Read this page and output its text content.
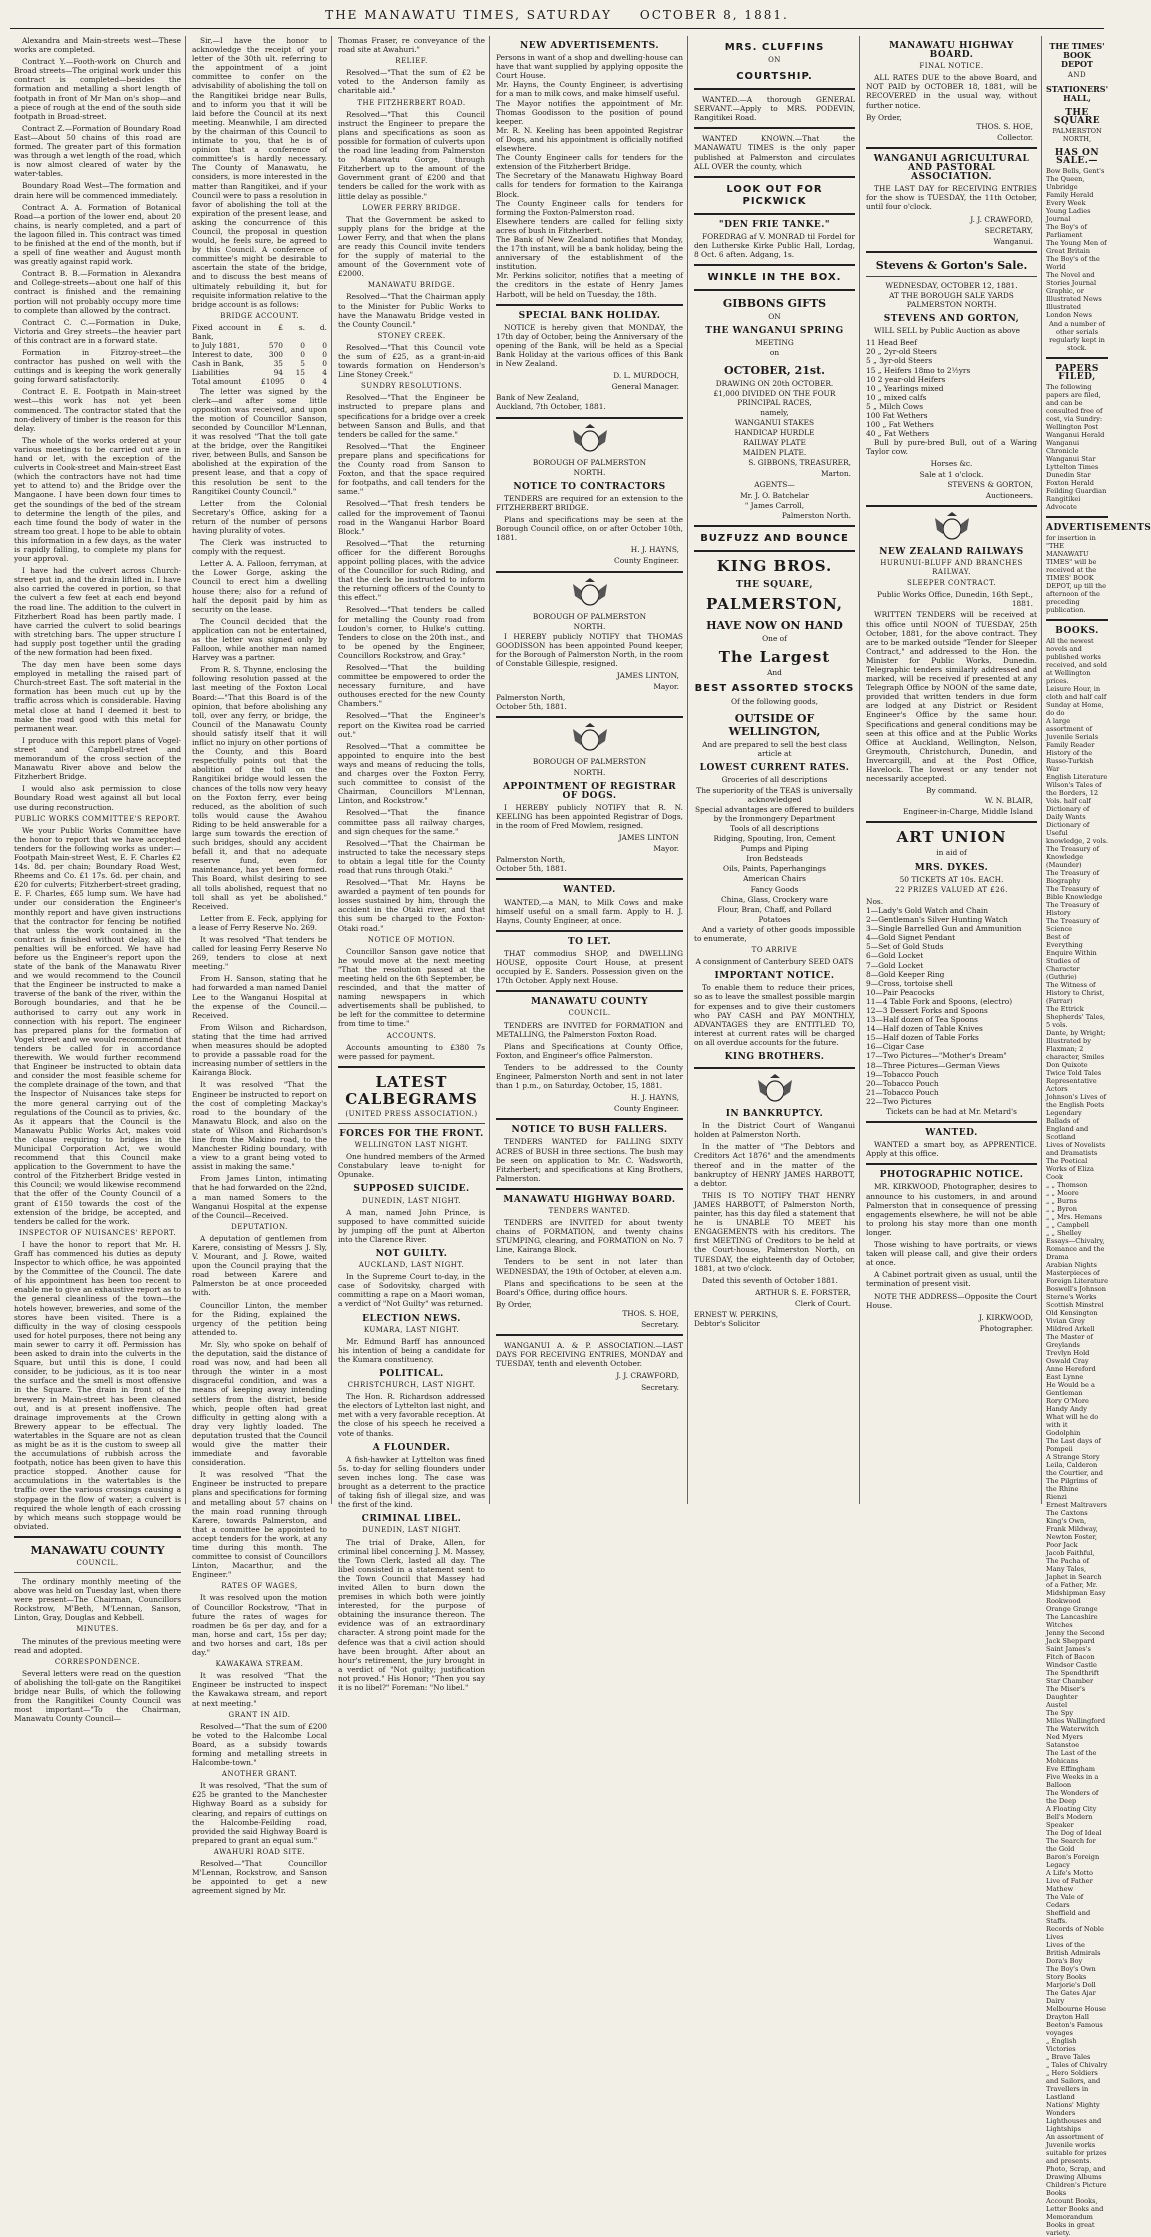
THE MANAWATU TIMES, SATURDAY OCTOBER 8, 1881.

Alexandra and Main-streets west—These works are completed.

Contract Y.—Footh-work on Church and Broad streets—The original work under this contract is completed—besides the formation and metalling a short length of footpath in front of Mr Man on's shop—and a piece of rough at the end of the south side footpath in Broad-street.

Contract Z.—Formation of Boundary Road East—About 50 chains of this road are formed. The greater part of this formation was through a wet length of the road, which is now almost cleared of water by the water-tables.

Boundary Road West—The formation and drain here will be commenced immediately.

Contract A. A. Formation of Botanical Road—a portion of the lower end, about 20 chains, is nearly completed, and a part of the lagoon filled in. This contract was timed to be finished at the end of the month, but if a spell of fine weather and August month was greatly against rapid work.

Contract B. B.—Formation in Alexandra and College-streets—about one half of this contract is finished and the remaining portion will not probably occupy more time to complete than allowed by the contract.

Contract C. C.—Formation in Duke, Victoria and Grey streets—the heavier part of this contract are in a forward state.

Formation in Fitzroy-street—the contractor has pushed on well with the cuttings and is keeping the work generally going forward satisfactorily.

Contract E. E. Footpath in Main-street west—this work has not yet been commenced. The contractor stated that the non-delivery of timber is the reason for this delay.

The whole of the works ordered at your various meetings to be carried out are in hand or let, with the exception of the culverts in Cook-street and Main-street East (which the contractors have not had time yet to attend to) and the Bridge over the Mangaone. I have been down four times to get the soundings of the bed of the stream to determine the length of the piles, and each time found the body of water in the stream too great. I hope to be able to obtain this information in a few days, as the water is rapidly falling, to complete my plans for your approval.

I have had the culvert across Church-street put in, and the drain lifted in. I have also carried the covered in portion, so that the culvert a few feet at each end beyond the road line. The addition to the culvert in Fitzherbert Road has been partly made. I have carried the culvert to solid bearings with stretching bars. The upper structure I had supply post together until the grading of the new formation had been fixed.

The day men have been some days employed in metalling the raised part of Church-street East. The soft material in the formation has been much cut up by the traffic across which is considerable. Having metal close at hand I deemed it best to make the road good with this metal for permanent wear.

I produce with this report plans of Vogel-street and Campbell-street and memorandum of the cross section of the Manawatu River above and below the Fitzherbert Bridge.

I would also ask permission to close Boundary Road west against all but local use during reconstruction.

PUBLIC WORKS COMMITTEE'S REPORT.

We your Public Works Committee have the honor to report that we have accepted tenders for the following works as under:—Footpath Main-street West, E. F. Charles £2 14s. 8d. per chain; Boundary Road West, Rheems and Co. £1 17s. 6d. per chain, and £20 for culverts; Fitzherbert-street grading, E. F. Charles, £65 lump sum. We have had under our consideration the Engineer's monthly report and have given instructions that the contractor for fencing be notified that unless the work contained in the contract is finished without delay, all the penalties will be enforced. We have had before us the Engineer's report upon the state of the bank of the Manawatu River and we would recommend to the Council that the Engineer be instructed to make a traverse of the bank of the river, within the Borough boundaries, and that he be authorised to carry out any work in connection with his report. The engineer has prepared plans for the formation of Vogel street and we would recommend that tenders be called for in accordance therewith. We would further recommend that Engineer be instructed to obtain data and consider the most feasible scheme for the complete drainage of the town, and that the Inspector of Nuisances take steps for the more general carrying out of the regulations of the Council as to privies, &c. As it appears that the Council is the Manawatu Public Works Act, makes void the clause requiring to bridges in the Municipal Corporation Act, we would recommend that this Council make application to the Government to have the control of the Fitzherbert Bridge vested in this Council; we would likewise recommend that the offer of the County Council of a grant of £150 towards the cost of the extension of the bridge, be accepted, and tenders be called for the work.

INSPECTOR OF NUISANCES' REPORT.

I have the honor to report that Mr. H. Graff has commenced his duties as deputy Inspector to which office, he was appointed by the Committee of the Council. The date of his appointment has been too recent to enable me to give an exhaustive report as to the general cleanliness of the town—the hotels however, breweries, and some of the stores have been visited. There is a difficulty in the way of closing cesspools used for hotel purposes, there not being any main sewer to carry it off. Permission has been asked to drain into the culverts in the Square, but until this is done, I could consider, to be judicious, as it is too near the surface and the smell is most offensive in the Square. The drain in front of the brewery in Main-street has been cleaned out, and is at present inoffensive. The drainage improvements at the Crown Brewery appear to be effectual. The watertables in the Square are not as clean as might be as it is the custom to sweep all the accumulations of rubbish across the footpath, notice has been given to have this practice stopped. Another cause for accumulations in the watertables is the traffic over the various crossings causing a stoppage in the flow of water; a culvert is required the whole length of each crossing by which means such stoppage would be obviated.

MANAWATU COUNTY
COUNCIL.

The ordinary monthly meeting of the above was held on Tuesday last, when there were present—The Chairman, Councillors Rockstrow, M'Beth, M'Lennan, Sanson, Linton, Gray, Douglas and Kebbell.

MINUTES.

The minutes of the previous meeting were read and adopted.

CORRESPONDENCE.

Several letters were read on the question of abolishing the toll-gate on the Rangitikei bridge near Bulls, of which the following from the Rangitikei County Council was most important—"To the Chairman, Manawatu County Council—

Sir,—I have the honor to acknowledge the receipt of your letter of the 30th ult. referring to the appointment of a joint committee to confer on the advisability of abolishing the toll on the Rangitikei bridge near Bulls, and to inform you that it will be laid before the Council at its next meeting. Meanwhile, I am directed by the chairman of this Council to intimate to you, that he is of opinion that a conference of committee's is hardly necessary. The County of Manawatu, he considers, is more interested in the matter than Rangitikei, and if your Council were to pass a resolution in favor of abolishing the toll at the expiration of the present lease, and asking the concurrence of this Council, the proposal in question would, he feels sure, be agreed to by this Council. A conference of committee's might be desirable to ascertain the state of the bridge, and to discuss the best means of ultimately rebuilding it, but for requisite information relative to the bridge account is as follows:

BRIDGE ACCOUNT.
Fixed account in Bank,
£	s.	d.
to July 1881,	570	0	0
Interest to date,	300	0	0
Cash in Bank,	35	5	0
Liabilities	94	15	4
Total amount	£1095	0	4

The letter was signed by the clerk—and after some little opposition was received, and upon the motion of Councillor Sanson, seconded by Councillor M'Lennan, it was resolved "That the toll gate at the bridge, over the Rangitikei river, between Bulls, and Sanson be abolished at the expiration of the present lease, and that a copy of this resolution be sent to the Rangitikei County Council."

Letter from the Colonial Secretary's Office, asking for a return of the number of persons having plurality of votes.

The Clerk was instructed to comply with the request.

Letter A. A. Falloon, ferryman, at the Lower Gorge, asking the Council to erect him a dwelling house there; also for a refund of half the deposit paid by him as security on the lease.

The Council decided that the application can not be entertained, as the letter was signed only by Falloon, while another man named Harvey was a partner.

From R. S. Thynne, enclosing the following resolution passed at the last meeting of the Foxton Local Board:—"That this Board is of the opinion, that before abolishing any toll, over any ferry, or bridge, the Council of the Manawatu County should satisfy itself that it will inflict no injury on other portions of the County, and this Board respectfully points out that the abolition of the toll on the Rangitikei bridge would lessen the chances of the tolls now very heavy on the Foxton ferry, ever being reduced, as the abolition of such tolls would cause the Awahou Riding to be held answerable for a large sum towards the erection of such bridges, should any accident befall it, and that no adequate reserve fund, even for maintenance, has yet been formed. This Board, whilst desiring to see all tolls abolished, request that no toll shall as yet be abolished." Received.

Letter from E. Feck, applying for a lease of Ferry Reserve No. 269.

It was resolved "That tenders be called for leasing Ferry Reserve No 269, tenders to close at next meeting."

From H. Sanson, stating that he had forwarded a man named Daniel Lee to the Wanganui Hospital at the expense of the Council.—Received.

From Wilson and Richardson, stating that the time had arrived when measures should be adopted to provide a passable road for the increasing number of settlers in the Kairanga Block.

It was resolved "That the Engineer be instructed to report on the cost of completing Mackay's road to the boundary of the Manawatu Block, and also on the state of Wilson and Richardson's line from the Makino road, to the Manchester Riding boundary, with a view to a grant being voted to assist in making the same."

From James Linton, intimating that he had forwarded on the 22nd, a man named Somers to the Wanganui Hospital at the expense of the Council—Received.

DEPUTATION.

A deputation of gentlemen from Karere, consisting of Messrs J. Sly, V. Mourant, and J. Rowe, waited upon the Council praying that the road between Karere and Palmerston be at once proceeded with.

Councillor Linton, the member for the Riding, explained the urgency of the petition being attended to.

Mr. Sly, who spoke on behalf of the deputation, said the distance of road was now, and had been all through the winter in a most disgraceful condition, and was a means of keeping away intending settlers from the district, beside which, people often had great difficulty in getting along with a dray very lightly loaded. The deputation trusted that the Council would give the matter their immediate and favorable consideration.

It was resolved "That the Engineer be instructed to prepare plans and specifications for forming and metalling about 57 chains on the main road running through Karere, towards Palmerston, and that a committee be appointed to accept tenders for the work, at any time during this month. The committee to consist of Councillors Linton, Macarthur, and the Engineer."

RATES OF WAGES,

It was resolved upon the motion of Councillor Rockstrow, "That in future the rates of wages for roadmen be 6s per day, and for a man, horse and cart, 15s per day; and two horses and cart, 18s per day."

KAWAKAWA STREAM.

It was resolved "That the Engineer be instructed to inspect the Kawakawa stream, and report at next meeting."

GRANT IN AID.

Resolved—"That the sum of £200 be voted to the Halcombe Local Board, as a subsidy towards forming and metalling streets in Halcombe-town."

ANOTHER GRANT.

It was resolved, "That the sum of £25 be granted to the Manchester Highway Board as a subsidy for clearing, and repairs of cuttings on the Halcombe-Feilding road, provided the said Highway Board is prepared to grant an equal sum."

AWAHURI ROAD SITE.

Resolved—"That Councillor M'Lennan, Rockstrow, and Sanson be appointed to get a new agreement signed by Mr.

Thomas Fraser, re conveyance of the road site at Awahuri."

RELIEF.

Resolved—"That the sum of £2 be voted to the Anderson family as charitable aid."

THE FITZHERBERT ROAD.

Resolved—"That this Council instruct the Engineer to prepare the plans and specifications as soon as possible for formation of culverts upon the road line leading from Palmerston to Manawatu Gorge, through Fitzherbert up to the amount of the Government grant of £200 and that tenders be called for the work with as little delay as possible."

LOWER FERRY BRIDGE.

That the Government be asked to supply plans for the bridge at the Lower Ferry, and that when the plans are ready this Council invite tenders for the supply of material to the amount of the Government vote of £2000.

MANAWATU BRIDGE.

Resolved—"That the Chairman apply to the Minister for Public Works to have the Manawatu Bridge vested in the County Council."

STONEY CREEK.

Resolved—"That this Council vote the sum of £25, as a grant-in-aid towards formation on Henderson's Line Stoney Creek."

SUNDRY RESOLUTIONS.

Resolved—"That the Engineer be instructed to prepare plans and specifications for a bridge over a creek between Sanson and Bulls, and that tenders be called for the same."

Resolved—"That the Engineer prepare plans and specifications for the County road from Sanson to Foxton, and that the space required for footpaths, and call tenders for the same."

Resolved—"That fresh tenders be called for the improvement of Taonui road in the Wanganui Harbor Board Block."

Resolved—"That the returning officer for the different Boroughs appoint polling places, with the advice of the Councillor for such Riding, and that the clerk be instructed to inform the returning officers of the County to this effect."

Resolved—"That tenders be called for metalling the County road from Loudon's corner, to Hulke's cutting. Tenders to close on the 20th inst., and to be opened by the Engineer, Councillors Rockstrow, and Gray."

Resolved—"That the building committee be empowered to order the necessary furniture, and have outhouses erected for the new County Chambers."

Resolved—"That the Engineer's report on the Kiwitea road be carried out."

Resolved—"That a committee be appointed to enquire into the best ways and means of reducing the tolls, and charges over the Foxton Ferry, such committee to consist of the Chairman, Councillors M'Lennan, Linton, and Rockstrow."

Resolved—"That the finance committee pass all railway charges, and sign cheques for the same."

Resolved—"That the Chairman be instructed to take the necessary steps to obtain a legal title for the County road that runs through Otaki."

Resolved—"That Mr. Hayns be awarded a payment of ten pounds for losses sustained by him, through the accident in the Otaki river, and that this sum be charged to the Foxton-Otaki road."

NOTICE OF MOTION.

Councillor Sanson gave notice that he would move at the next meeting "That the resolution passed at the meeting held on the 6th September, be rescinded, and that the matter of naming newspapers in which advertisements shall be published, to be left for the committee to determine from time to time."

ACCOUNTS.

Accounts amounting to £380 7s were passed for payment.

LATEST CALBEGRAMS
(UNITED PRESS ASSOCIATION.)
FORCES FOR THE FRONT.
WELLINGTON LAST NIGHT.

One hundred members of the Armed Constabulary leave to-night for Opunake.

SUPPOSED SUICIDE.
DUNEDIN, LAST NIGHT.

A man, named John Prince, is supposed to have committed suicide by jumping off the punt at Alberton into the Clarence River.

NOT GUILTY.
AUCKLAND, LAST NIGHT.

In the Supreme Court to-day, in the case of Sodovitsky, charged with committing a rape on a Maori woman, a verdict of "Not Guilty" was returned.

ELECTION NEWS.
KUMARA, LAST NIGHT.

Mr. Edmund Barff has announced his intention of being a candidate for the Kumara constituency.

POLITICAL.
CHRISTCHURCH, LAST NIGHT.

The Hon. R. Richardson addressed the electors of Lyttelton last night, and met with a very favorable reception. At the close of his speech he received a vote of thanks.

A FLOUNDER.

A fish-hawker at Lyttelton was fined 5s. to-day for selling flounders under seven inches long. The case was brought as a deterrent to the practice of taking fish of illegal size, and was the first of the kind.

CRIMINAL LIBEL.
DUNEDIN, LAST NIGHT.

The trial of Drake, Allen, for criminal libel concerning J. M. Massey, the Town Clerk, lasted all day. The libel consisted in a statement sent to the Town Council that Massey had invited Allen to burn down the premises in which both were jointly interested, for the purpose of obtaining the insurance thereon. The evidence was of an extraordinary character. A strong point made for the defence was that a civil action should have been brought. After about an hour's retirement, the jury brought in a verdict of "Not guilty; justification not proved." His Honor; "Then you say it is no libel?" Foreman: "No libel."

NEW ADVERTISEMENTS.
Persons in want of a shop and dwelling-house can have that want supplied by applying opposite the Court House.
Mr. Hayns, the County Engineer, is advertising for a man to milk cows, and make himself useful.
The Mayor notifies the appointment of Mr. Thomas Goodisson to the position of pound keeper.
Mr. R. N. Keeling has been appointed Registrar of Dogs, and his appointment is officially notified elsewhere.
The County Engineer calls for tenders for the extension of the Fitzherbert Bridge.
The Secretary of the Manawatu Highway Board calls for tenders for formation to the Kairanga Block.
The County Engineer calls for tenders for forming the Foxton-Palmerston road.
Elsewhere tenders are called for felling sixty acres of bush in Fitzherbert.
The Bank of New Zealand notifies that Monday, the 17th instant, will be a bank holiday, being the anniversary of the establishment of the institution.
Mr. Perkins solicitor, notifies that a meeting of the creditors in the estate of Henry James Harbott, will be held on Tuesday, the 18th.
SPECIAL BANK HOLIDAY.

NOTICE is hereby given that MONDAY, the 17th day of October, being the Anniversary of the opening of the Bank, will be held as a Special Bank Holiday at the various offices of this Bank in New Zealand.

D. L. MURDOCH,
General Manager.
Bank of New Zealand,
Auckland, 7th October, 1881.
BOROUGH OF PALMERSTON
NORTH.
NOTICE TO CONTRACTORS

TENDERS are required for an extension to the FITZHERBERT BRIDGE.

Plans and specifications may be seen at the Borough Council office, on or after October 10th, 1881.

H. J. HAYNS,
County Engineer.
BOROUGH OF PALMERSTON
NORTH.

I HEREBY publicly NOTIFY that THOMAS GOODISSON has been appointed Pound keeper, for the Borough of Palmerston North, in the room of Constable Gillespie, resigned.

JAMES LINTON,
Mayor.
Palmerston North,
October 5th, 1881.
BOROUGH OF PALMERSTON
NORTH.
APPOINTMENT OF REGISTRAR OF DOGS.

I HEREBY publicly NOTIFY that R. N. KEELING has been appointed Registrar of Dogs, in the room of Fred Mowlem, resigned.

JAMES LINTON
Mayor.
Palmerston North,
October 5th, 1881.
WANTED.

WANTED,—a MAN, to Milk Cows and make himself useful on a small farm. Apply to H. J. Hayns, County Engineer, at once.

TO LET.

THAT commodius SHOP, and DWELLING HOUSE, opposite Court House, at present occupied by E. Sanders. Possession given on the 17th October. Apply next House.

MANAWATU COUNTY
COUNCIL.

TENDERS are INVITED for FORMATION and METALLING, the Palmerston Foxton Road.

Plans and Specifications at County Office, Foxton, and Engineer's office Palmerston.

Tenders to be addressed to the County Engineer, Palmerston North and sent in not later than 1 p.m., on Saturday, October, 15, 1881.

H. J. HAYNS,
County Engineer.
NOTICE TO BUSH FALLERS.

TENDERS WANTED for FALLING SIXTY ACRES of BUSH in three sections. The bush may be seen on application to Mr. C. Wadsworth, Fitzherbert; and specifications at King Brothers, Palmerston.

MANAWATU HIGHWAY BOARD.
TENDERS WANTED.

TENDERS are INVITED for about twenty chains of FORMATION, and twenty chains STUMPING, clearing, and FORMATION on No. 7 Line, Kairanga Block.

Tenders to be sent in not later than WEDNESDAY, the 19th of October, at eleven a.m.

Plans and specifications to be seen at the Board's Office, during office hours.

By Order,
THOS. S. HOE,
Secretary.

WANGANUI A. & P. ASSOCIATION.—LAST DAYS FOR RECEIVING ENTRIES, MONDAY and TUESDAY, tenth and eleventh October.

J. J. CRAWFORD,
Secretary.
MRS. CLUFFINS
ON
COURTSHIP.

WANTED.—A thorough GENERAL SERVANT.—Apply to MRS. PODEVIN, Rangitikei Road.

WANTED KNOWN.—That the MANAWATU TIMES is the only paper published at Palmerston and circulates ALL OVER the county, which

LOOK OUT FOR PICKWICK
"DEN FRIE TANKE."

FOREDRAG af V. MONRAD til Fordel for den Lutherske Kirke Public Hall, Lordag, 8 Oct. 6 aften. Adgang, 1s.

WINKLE IN THE BOX.
GIBBONS GIFTS
ON
THE WANGANUI SPRING
MEETING
on
OCTOBER, 21st.
DRAWING ON 20th OCTOBER.
£1,000 DIVIDED ON THE FOUR PRINCIPAL RACES,
namely,
WANGANUI STAKES
HANDICAP HURDLE
RAILWAY PLATE
MAIDEN PLATE.
S. GIBBONS, TREASURER,
Marton.
AGENTS—
Mr. J. O. Batchelar
" James Carroll,
Palmerston North.
BUZFUZZ AND BOUNCE
KING BROS.
THE SQUARE,
PALMERSTON,
HAVE NOW ON HAND
One of
The Largest
And
BEST ASSORTED STOCKS
Of the following goods,
OUTSIDE OF WELLINGTON,
And are prepared to sell the best class article at
LOWEST CURRENT RATES.
Groceries of all descriptions
The superiority of the TEAS is universally acknowledged
Special advantages are offered to builders by the Ironmongery Department
Tools of all descriptions
Ridging, Spouting, Iron, Cement
Pumps and Piping
Iron Bedsteads
Oils, Paints, Paperhangings
American Chairs
Fancy Goods
China, Glass, Crockery ware
Flour, Bran, Chaff, and Pollard
Potatoes

And a variety of other goods impossible to enumerate,

TO ARRIVE
A consignment of Canterbury SEED OATS
IMPORTANT NOTICE.

To enable them to reduce their prices, so as to leave the smallest possible margin for expenses and to give their customers who PAY CASH and PAY MONTHLY, ADVANTAGES they are ENTITLED TO, interest at current rates will be charged on all overdue accounts for the future.

KING BROTHERS.
IN BANKRUPTCY.

In the District Court of Wanganui holden at Palmerston North.

In the matter of "The Debtors and Creditors Act 1876" and the amendments thereof and in the matter of the bankruptcy of HENRY JAMES HARBOTT, a debtor.

THIS IS TO NOTIFY THAT HENRY JAMES HARBOTT, of Palmerston North, painter, has this day filed a statement that he is UNABLE TO MEET his ENGAGEMENTS with his creditors. The first MEETING of Creditors to be held at the Court-house, Palmerston North, on TUESDAY, the eighteenth day of October, 1881, at two o'clock.

Dated this seventh of October 1881.

ARTHUR S. E. FORSTER,
Clerk of Court.
ERNEST W. PERKINS,
Debtor's Solicitor
MANAWATU HIGHWAY BOARD.
FINAL NOTICE.

ALL RATES DUE to the above Board, and NOT PAID by OCTOBER 18, 1881, will be RECOVERED in the usual way, without further notice.

By Order,
THOS. S. HOE,
Collector.
WANGANUI AGRICULTURAL AND PASTORAL ASSOCIATION.

THE LAST DAY for RECEIVING ENTRIES for the show is TUESDAY, the 11th October, until four o'clock.

J. J. CRAWFORD,
SECRETARY,
Wanganui.
Stevens & Gorton's Sale.
WEDNESDAY, OCTOBER 12, 1881.
AT THE BOROUGH SALE YARDS PALMERSTON NORTH.
STEVENS AND GORTON,

WILL SELL by Public Auction as above

11 Head Beef
20 „ 2yr-old Steers
5 „ 3yr-old Steers
15 „ Heifers 18mo to 2½yrs
10 2 year-old Heifers
10 „ Yearlings mixed
10 „ mixed calfs
5 „ Milch Cows
100 Fat Wethers
100 „ Fat Wethers
40 „ Fat Wethers

Bull by pure-bred Bull, out of a Waring Taylor cow.

Horses &c.
Sale at 1 o'clock.
STEVENS & GORTON,
Auctioneers.
NEW ZEALAND RAILWAYS
HURUNUI-BLUFF AND BRANCHES RAILWAY.
SLEEPER CONTRACT.
Public Works Office, Dunedin, 16th Sept., 1881.

WRITTEN TENDERS will be received at this office until NOON of TUESDAY, 25th October, 1881, for the above contract. They are to be marked outside "Tender for Sleeper Contract," and addressed to the Hon. the Minister for Public Works, Dunedin. Telegraphic tenders similarly addressed and marked, will be received if presented at any Telegraph Office by NOON of the same date, provided that written tenders in due form are lodged at any District or Resident Engineer's Office by the same hour. Specifications and general conditions may be seen at this office and at the Public Works Office at Auckland, Wellington, Nelson, Greymouth, Christchurch, Dunedin, and Invercargill, and at the Post Office, Havelock. The lowest or any tender not necessarily accepted.

By command.
W. N. BLAIR,
Engineer-in-Charge, Middle Island
ART UNION
in aid of
MRS. DYKES.
50 TICKETS AT 10s. EACH.
22 PRIZES VALUED AT £26.
Nos.
1—Lady's Gold Watch and Chain
2—Gentleman's Silver Hunting Watch
3—Single Barrelled Gun and Ammunition
4—Gold Signet Pendant
5—Set of Gold Studs
6—Gold Locket
7—Gold Locket
8—Gold Keeper Ring
9—Cross, tortoise shell
10—Pair Peacocks
11—4 Table Fork and Spoons, (electro)
12—3 Dessert Forks and Spoons
13—Half dozen of Tea Spoons
14—Half dozen of Table Knives
15—Half dozen of Table Forks
16—Cigar Case
17—Two Pictures—"Mother's Dream"
18—Three Pictures—German Views
19—Tobacco Pouch
20—Tobacco Pouch
21—Tobacco Pouch
22—Two Pictures
Tickets can be had at Mr. Metard's
WANTED.

WANTED a smart boy, as APPRENTICE. Apply at this office.

PHOTOGRAPHIC NOTICE.

MR. KIRKWOOD, Photographer, desires to announce to his customers, in and around Palmerston that in consequence of pressing engagements elsewhere, he will not be able to prolong his stay more than one month longer.

Those wishing to have portraits, or views taken will please call, and give their orders at once.

A Cabinet portrait given as usual, until the termination of present visit.

NOTE THE ADDRESS—Opposite the Court House.

J. KIRKWOOD,
Photographer.
THE TIMES' BOOK DEPOT
AND
STATIONERS' HALL,
THE SQUARE
PALMERSTON NORTH,
HAS ON SALE.—
Bow Bells, Gent's
The Queen, Unbridge
Family Herald Every Week
Young Ladies Journal
The Boy's of Parliament
The Young Men of Great Britain
The Boy's of the World
The Novel and Stories Journal
Graphic, or Illustrated News
Illustrated London News
And a number of other serials regularly kept in stock.
PAPERS FILED,
The following papers are filed, and can be consulted free of cost, via Sundry:
Wellington Post
Wanganui Herald
Wanganui Chronicle
Wanganui Star
Lyttelton Times
Dunedin Star
Foxton Herald
Feilding Guardian
Rangitikei Advocate
ADVERTISEMENTS
for insertion in "THE MANAWATU TIMES" will be received at the TIMES' BOOK DEPOT, up till the afternoon of the preceding publication.
BOOKS.
All the newest novels and published works received, and sold at Wellington prices.
Leisure Hour, in cloth and half calf
Sunday at Home, do do
A large assortment of Juvenile Serials
Family Reader
History of the Russo-Turkish War
English Literature
Wilson's Tales of the Borders, 12 Vols. half calf
Dictionary of Daily Wants
Dictionary of Useful knowledge, 2 vols.
The Treasury of Knowledge (Maunder)
The Treasury of Biography
The Treasury of Bible Knowledge
The Treasury of History
The Treasury of Science
Best of Everything
Enquire Within
Studies of Character (Guthrie)
The Witness of History to Christ, (Farrar)
The Ettrick Shepherds' Tales, 5 vols.
Dante, by Wright; Illustrated by Flaxman; 2 character, Smiles
Don Quixote
Twice Told Tales
Representative Actors
Johnson's Lives of the English Poets
Legendary Ballads of England and Scotland
Lives of Novelists and Dramatists
The Poetical Works of Eliza Cook
„ „ Thomson
„ „ Moore
„ „ Burns
„ „ Byron
„ „ Mrs. Hemans
„ „ Campbell
„ „ Shelley
Essays—Chivalry, Romance and the Drama
Arabian Nights
Masterpieces of Foreign Literature
Boswell's Johnson
Sterne's Works
Scottish Minstrel
Old Kensington
Vivian Grey
Mildred Arkell
The Master of Greylands
Trevlyn Hold
Oswald Cray
Anne Hereford
East Lynne
He Would be a Gentleman
Rory O'More
Handy Andy
What will he do with it
Godolphin
The Last days of Pompeii
A Strange Story
Leila, Calderon the Courtier, and The Pilgrims of the Rhine
Rienzi
Ernest Maltravers
The Caxtons
King's Own, Frank Mildway, Newton Foster, Poor Jack
Jacob Faithful, The Pacha of Many Tales, Japhet in Search of a Father, Mr. Midshipman Easy
Rookwood
Orange Grange
The Lancashire Witches
Jenny the Second
Jack Sheppard
Saint James's
Fitch of Bacon
Windsor Castle
The Spendthrift
Star Chamber
The Miser's Daughter
Austel
The Spy
Miles Wallingford
The Waterwitch
Ned Myers
Satanstoe
The Last of the Mohicans
Eve Effingham
Five Weeks in a Balloon
The Wonders of the Deep
A Floating City
Bell's Modern Speaker
The Dog of Ideal
The Search for the Gold
Baron's Foreign Legacy
A Life's Motto
Live of Father Mathew
The Vale of Cedars
Sheffield and Staffs.
Records of Noble Lives
Lives of the British Admirals
Dora's Boy
The Boy's Own Story Books
Marjorie's Doll
The Gates Ajar
Dairy
Melbourne House
Drayton Hall
Beeton's Famous voyages
„ English Victories
„ Brave Tales
„ Tales of Chivalry
„ Hero Soldiers and Sailors, and Travellers in Lastland
Nations' Mighty Wonders
Lighthouses and Lightships
An assortment of Juvenile works suitable for prizes and presents.
Photo, Scrap, and Drawing Albums
Children's Picture Books
Account Books, Letter Books and Memorandum Books in great variety.
